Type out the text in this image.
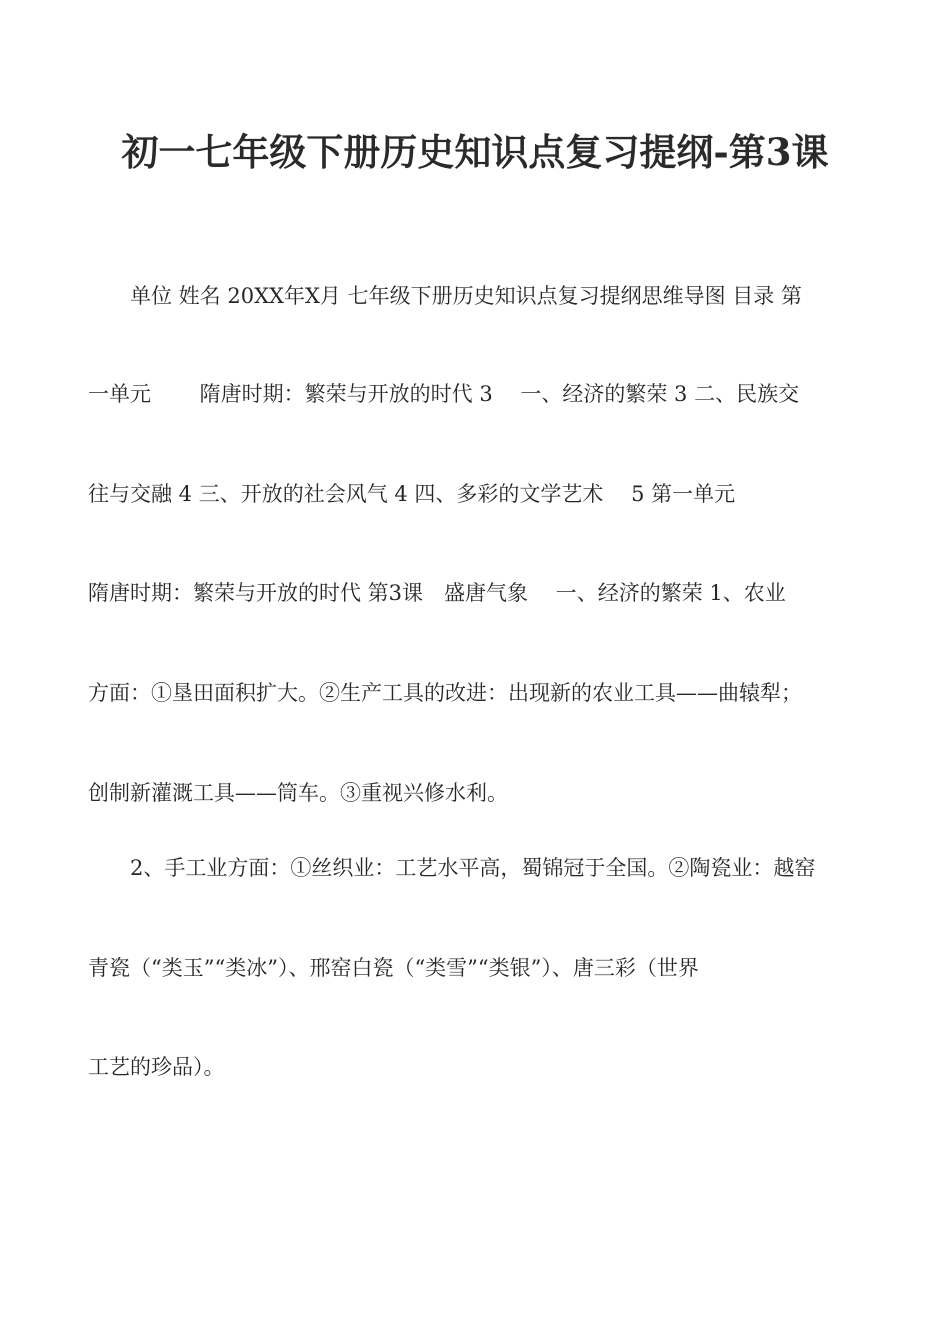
初一七年级下册历史知识点复习提纲-第3课
单位 姓名 20XX年X月 七年级下册历史知识点复习提纲思维导图 目录 第
一单元　　 隋唐时期：繁荣与开放的时代 3　 一、经济的繁荣 3 二、民族交
往与交融 4 三、开放的社会风气 4 四、多彩的文学艺术　 5 第一单元
隋唐时期：繁荣与开放的时代 第3课　盛唐气象　 一、经济的繁荣 1、农业
方面：①垦田面积扩大。②生产工具的改进：出现新的农业工具——曲辕犁；
创制新灌溉工具——筒车。③重视兴修水利。
2、手工业方面：①丝织业：工艺水平高，蜀锦冠于全国。②陶瓷业：越窑
青瓷（“类玉”“类冰”）、邢窑白瓷（“类雪”“类银”）、唐三彩（世界
工艺的珍品）。
